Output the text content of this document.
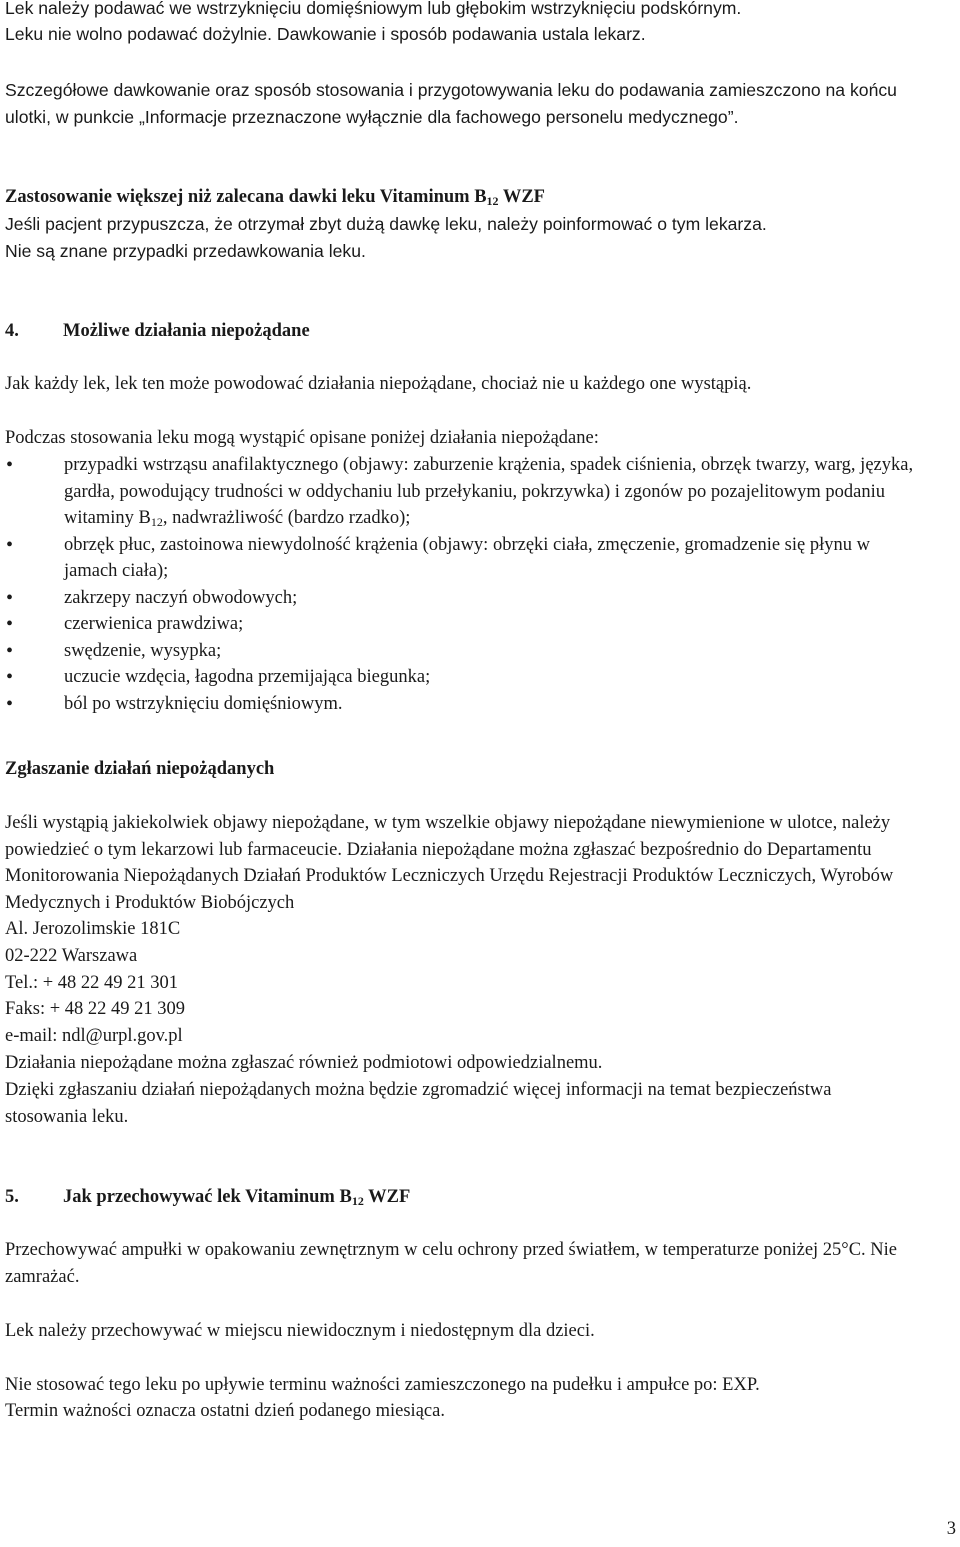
Lek należy podawać we wstrzyknięciu domięśniowym lub głębokim wstrzyknięciu podskórnym.

Leku nie wolno podawać dożylnie. Dawkowanie i sposób podawania ustala lekarz.

Szczegółowe dawkowanie oraz sposób stosowania i przygotowywania leku do podawania zamieszczono na końcu ulotki, w punkcie „Informacje przeznaczone wyłącznie dla fachowego personelu medycznego”.

Zastosowanie większej niż zalecana dawki leku Vitaminum $B_{12}$ WZF

Jeśli pacjent przypuszcza, że otrzymał zbyt dużą dawkę leku, należy poinformować o tym lekarza.

Nie są znane przypadki przedawkowania leku.

4. Możliwe działania niepożądane

Jak każdy lek, lek ten może powodować działania niepożądane, chociaż nie u każdego one wystąpią.

Podczas stosowania leku mogą wystąpić opisane poniżej działania niepożądane:

•	przypadki wstrząsu anafilaktycznego (objawy: zaburzenie krążenia, spadek ciśnienia, obrzęk twarzy, warg, języka, gardła, powodujący trudności w oddychaniu lub przełykaniu, pokrzywka) i zgonów po pozajelitowym podaniu witaminy $B_{12}$, nadwrażliwość (bardzo rzadko);
•	obrzęk płuc, zastoinowa niewydolność krążenia (objawy: obrzęki ciała, zmęczenie, gromadzenie się płynu w jamach ciała);
•	zakrzepy naczyń obwodowych;
•	czerwienica prawdziwa;
•	swędzenie, wysypka;
•	uczucie wzdęcia, łagodna przemijająca biegunka;
•	ból po wstrzyknięciu domięśniowym.

Zgłaszanie działań niepożądanych

Jeśli wystąpią jakiekolwiek objawy niepożądane, w tym wszelkie objawy niepożądane niewymienione w ulotce, należy powiedzieć o tym lekarzowi lub farmaceucie. Działania niepożądane można zgłaszać bezpośrednio do Departamentu Monitorowania Niepożądanych Działań Produktów Leczniczych Urzędu Rejestracji Produktów Leczniczych, Wyrobów Medycznych i Produktów Biobójczych

Al. Jerozolimskie 181C

02-222 Warszawa

Tel.: + 48 22 49 21 301

Faks: + 48 22 49 21 309

e-mail: ndl@urpl.gov.pl

Działania niepożądane można zgłaszać również podmiotowi odpowiedzialnemu.

Dzięki zgłaszaniu działań niepożądanych można będzie zgromadzić więcej informacji na temat bezpieczeństwa stosowania leku.

5. Jak przechowywać lek Vitaminum $B_{12}$ WZF

Przechowywać ampułki w opakowaniu zewnętrznym w celu ochrony przed światłem, w temperaturze poniżej 25°C. Nie zamrażać.

Lek należy przechowywać w miejscu niewidocznym i niedostępnym dla dzieci.

Nie stosować tego leku po upływie terminu ważności zamieszczonego na pudełku i ampułce po: EXP.

Termin ważności oznacza ostatni dzień podanego miesiąca.

3
